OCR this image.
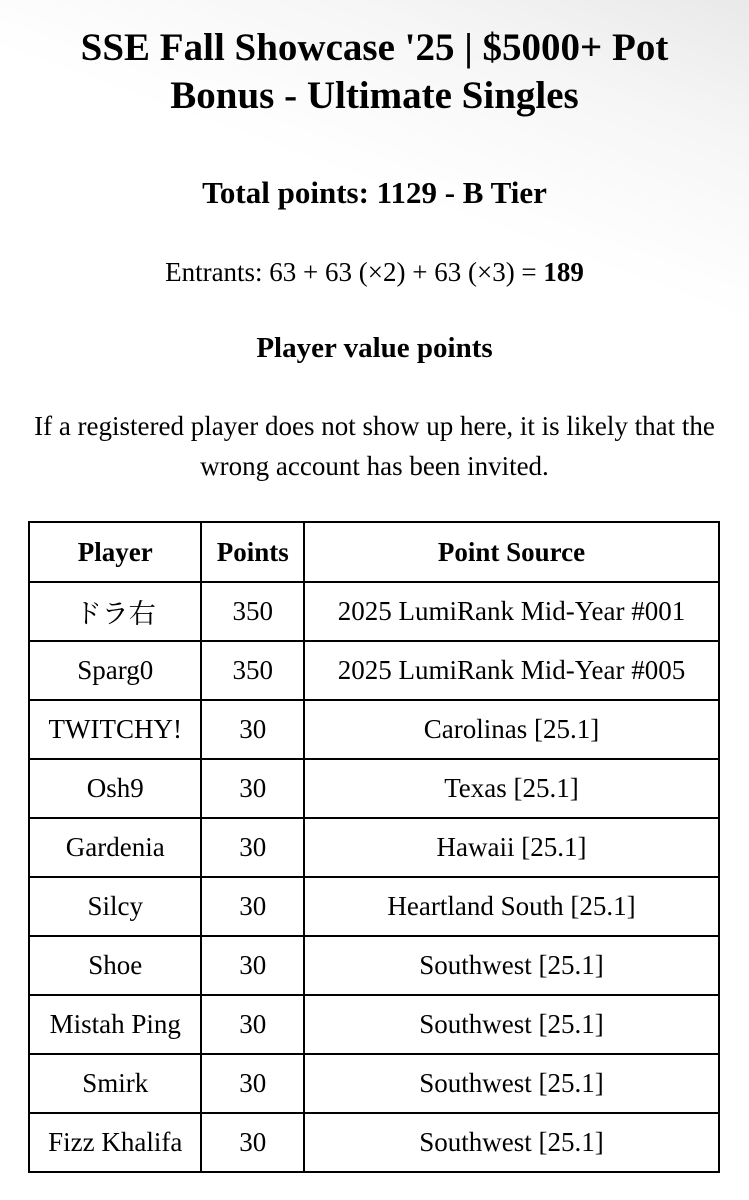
SSE Fall Showcase '25 | $5000+ Pot
Bonus - Ultimate Singles
Total points: 1129 - B Tier

Entrants: 63 + 63 (×2) + 63 (×3) = 189

Player value points

If a registered player does not show up here, it is likely that the wrong account has been invited.

Player	Points	Point Source
ドラ右	350	2025 LumiRank Mid-Year #001
Sparg0	350	2025 LumiRank Mid-Year #005
TWITCHY!	30	Carolinas [25.1]
Osh9	30	Texas [25.1]
Gardenia	30	Hawaii [25.1]
Silcy	30	Heartland South [25.1]
Shoe	30	Southwest [25.1]
Mistah Ping	30	Southwest [25.1]
Smirk	30	Southwest [25.1]
Fizz Khalifa	30	Southwest [25.1]
